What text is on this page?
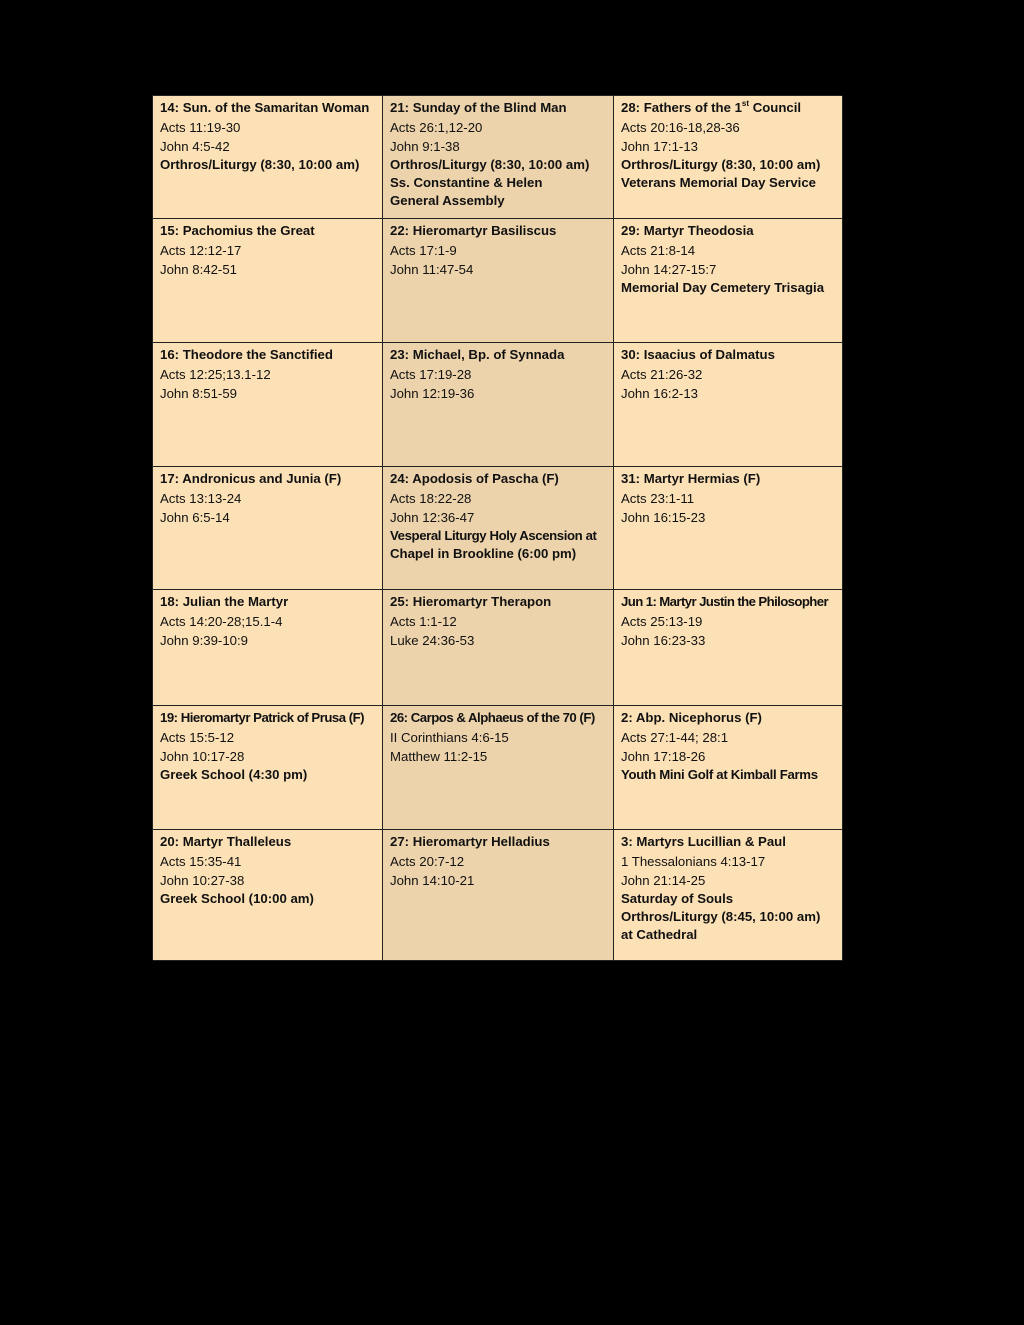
14: Sun. of the Samaritan Woman
Acts 11:19-30
John 4:5-42
Orthros/Liturgy (8:30, 10:00 am)
21: Sunday of the Blind Man
Acts 26:1,12-20
John 9:1-38
Orthros/Liturgy (8:30, 10:00 am)
Ss. Constantine & Helen
General Assembly
28: Fathers of the 1st Council
Acts 20:16-18,28-36
John 17:1-13
Orthros/Liturgy (8:30, 10:00 am)
Veterans Memorial Day Service
15: Pachomius the Great
Acts 12:12-17
John 8:42-51
22: Hieromartyr Basiliscus
Acts 17:1-9
John 11:47-54
29: Martyr Theodosia
Acts 21:8-14
John 14:27-15:7
Memorial Day Cemetery Trisagia
16: Theodore the Sanctified
Acts 12:25;13.1-12
John 8:51-59
23: Michael, Bp. of Synnada
Acts 17:19-28
John 12:19-36
30: Isaacius of Dalmatus
Acts 21:26-32
John 16:2-13
17: Andronicus and Junia (F)
Acts 13:13-24
John 6:5-14
24: Apodosis of Pascha (F)
Acts 18:22-28
John 12:36-47
Vesperal Liturgy Holy Ascension at
Chapel in Brookline (6:00 pm)
31: Martyr Hermias (F)
Acts 23:1-11
John 16:15-23
18: Julian the Martyr
Acts 14:20-28;15.1-4
John 9:39-10:9
25: Hieromartyr Therapon
Acts 1:1-12
Luke 24:36-53
Jun 1: Martyr Justin the Philosopher
Acts 25:13-19
John 16:23-33
19: Hieromartyr Patrick of Prusa (F)
Acts 15:5-12
John 10:17-28
Greek School (4:30 pm)
26: Carpos & Alphaeus of the 70 (F)
II Corinthians 4:6-15
Matthew 11:2-15
2: Abp. Nicephorus (F)
Acts 27:1-44; 28:1
John 17:18-26
Youth Mini Golf at Kimball Farms
20: Martyr Thalleleus
Acts 15:35-41
John 10:27-38
Greek School (10:00 am)
27: Hieromartyr Helladius
Acts 20:7-12
John 14:10-21
3: Martyrs Lucillian & Paul
1 Thessalonians 4:13-17
John 21:14-25
Saturday of Souls
Orthros/Liturgy (8:45, 10:00 am)
at Cathedral
